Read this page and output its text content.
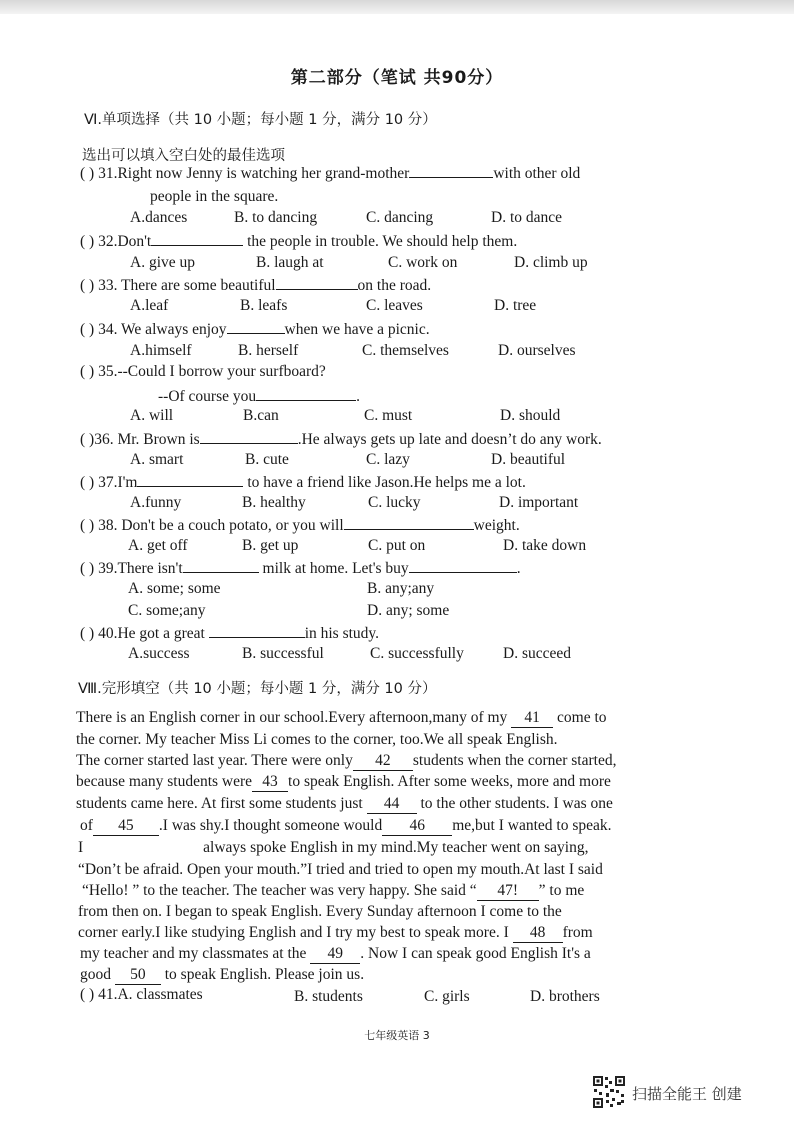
第二部分（笔试 共90分）
Ⅵ.单项选择（共 10 小题；每小题 1 分，满分 10 分）
选出可以填入空白处的最佳选项
( ) 31.Right now Jenny is watching her grand-mother	with other old
people in the square.
A.dances	B. to dancing	C. dancing	D. to dance
( ) 32.Don't	the people in trouble. We should help them.
A. give up	B. laugh at	C. work on	D. climb up
( ) 33. There are some beautiful	on the road.
A.leaf	B. leafs	C. leaves	D. tree
( ) 34. We always enjoy	when we have a picnic.
A.himself	B. herself	C. themselves	D. ourselves
( ) 35.--Could I borrow your surfboard?
--Of course you	.
A. will	B.can	C. must	D. should
( )36. Mr. Brown is	.He always gets up late and doesn’t do any work.
A. smart	B. cute	C. lazy	D. beautiful
( ) 37.I'm	to have a friend like Jason.He helps me a lot.
A.funny	B. healthy	C. lucky	D. important
( ) 38. Don't be a couch potato, or you will	weight.
A. get off	B. get up	C. put on	D. take down
( ) 39.There isn't	milk at home. Let's buy	.
A. some; some	B. any;any
C. some;any	D. any; some
( ) 40.He got a great	in his study.
A.success	B. successful	C. successfully	D. succeed
Ⅷ.完形填空（共 10 小题；每小题 1 分，满分 10 分）
There is an English corner in our school.Every afternoon,many of my 41 come to
the corner. My teacher Miss Li comes to the corner, too.We all speak English.
The corner started last year. There were only 42 students when the corner started,
because many students were 43 to speak English. After some weeks, more and more
students came here. At first some students just 44 to the other students. I was one
of 45 .I was shy.I thought someone would 46 me,but I wanted to speak.
I	always spoke English in my mind.My teacher went on saying,
“Don’t be afraid. Open your mouth.”I tried and tried to open my mouth.At last I said
“Hello! ” to the teacher. The teacher was very happy. She said “ 47! ” to me
from then on. I began to speak English. Every Sunday afternoon I come to the
corner early.I like studying English and I try my best to speak more. I 48 from
my teacher and my classmates at the 49 . Now I can speak good English It's a
good 50 to speak English. Please join us.
( ) 41.A. classmates	B. students	C. girls	D. brothers
七年级英语 3
扫描全能王 创建
